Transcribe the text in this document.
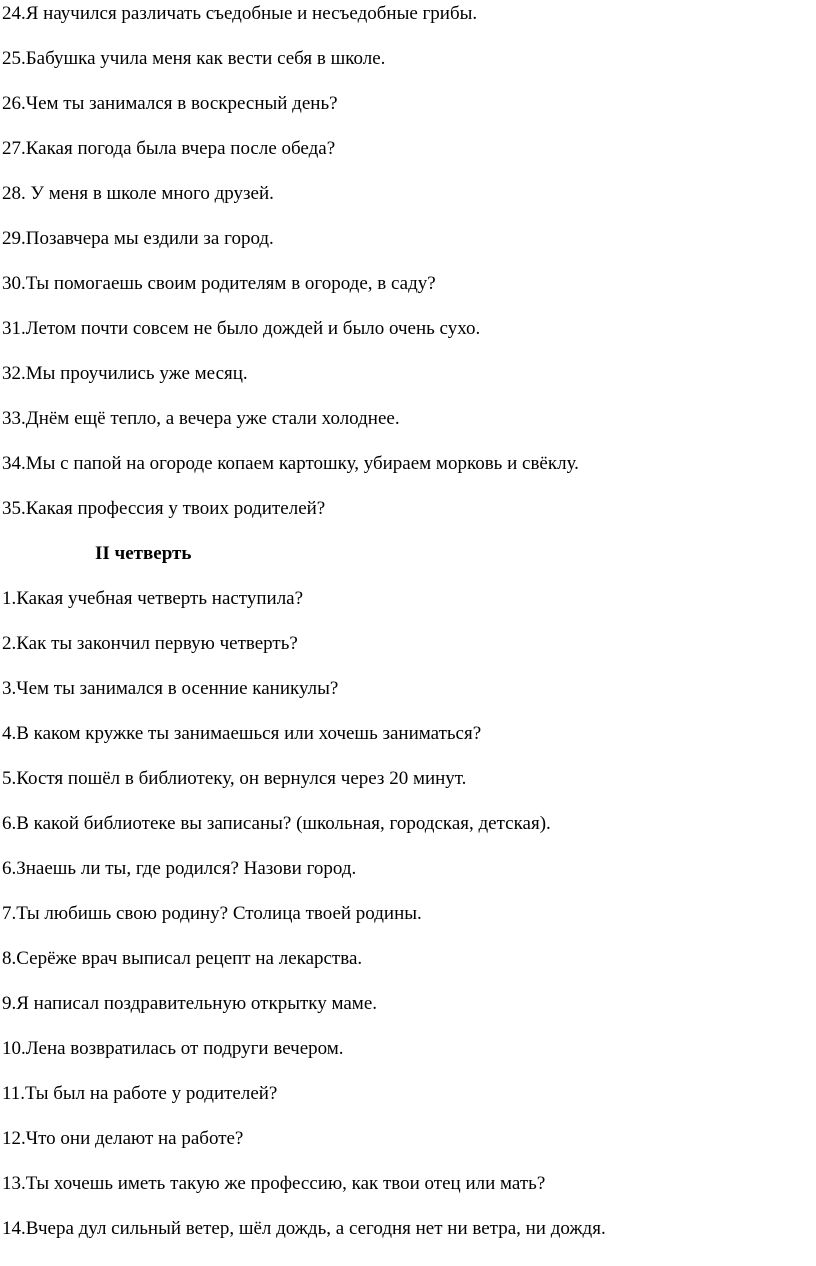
24.Я научился различать съедобные и несъедобные грибы.
25.Бабушка учила меня как вести себя в школе.
26.Чем ты занимался в воскресный день?
27.Какая погода была вчера после обеда?
28. У меня в школе много друзей.
29.Позавчера мы ездили за город.
30.Ты помогаешь своим родителям в огороде, в саду?
31.Летом почти совсем не было дождей и было очень сухо.
32.Мы проучились уже месяц.
33.Днём ещё тепло, а вечера уже стали холоднее.
34.Мы с папой на огороде копаем картошку, убираем морковь и свёклу.
35.Какая профессия у твоих родителей?
II четверть
1.Какая учебная четверть наступила?
2.Как ты закончил первую четверть?
3.Чем ты занимался в осенние каникулы?
4.В каком кружке ты занимаешься или хочешь заниматься?
5.Костя пошёл в библиотеку, он вернулся через 20 минут.
6.В какой библиотеке вы записаны? (школьная, городская, детская).
6.Знаешь ли ты, где родился? Назови город.
7.Ты любишь свою родину? Столица твоей родины.
8.Серёже врач выписал рецепт на лекарства.
9.Я написал поздравительную открытку маме.
10.Лена возвратилась от подруги вечером.
11.Ты был на работе у родителей?
12.Что они делают на работе?
13.Ты хочешь иметь такую же профессию, как твои отец или мать?
14.Вчера дул сильный ветер, шёл дождь, а сегодня нет ни ветра, ни дождя.
